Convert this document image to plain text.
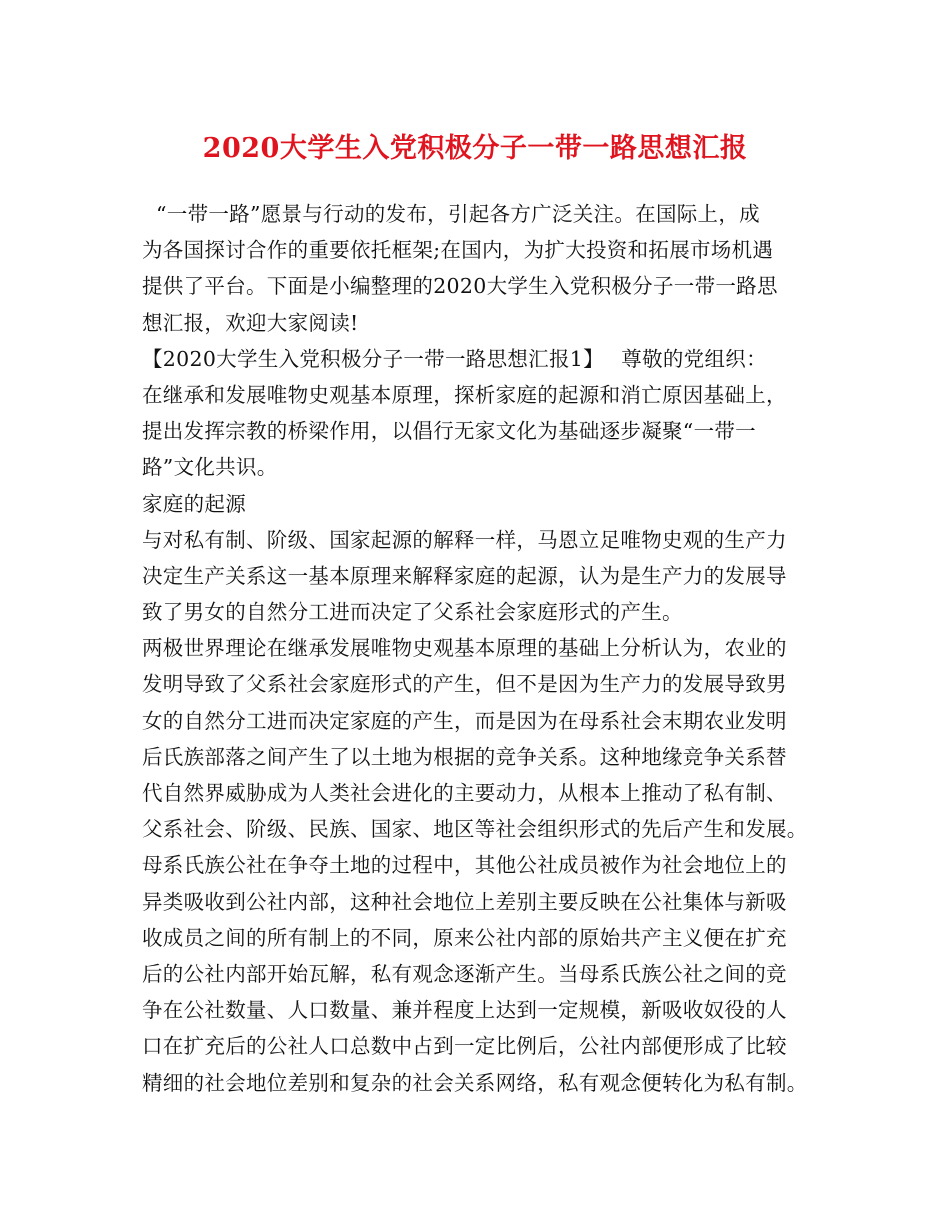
2020大学生入党积极分子一带一路思想汇报
“一带一路”愿景与行动的发布，引起各方广泛关注。在国际上，成
为各国探讨合作的重要依托框架;在国内，为扩大投资和拓展市场机遇
提供了平台。下面是小编整理的2020大学生入党积极分子一带一路思
想汇报，欢迎大家阅读!
【2020大学生入党积极分子一带一路思想汇报1】　 尊敬的党组织：
在继承和发展唯物史观基本原理，探析家庭的起源和消亡原因基础上，
提出发挥宗教的桥梁作用，以倡行无家文化为基础逐步凝聚“一带一
路”文化共识。
家庭的起源
与对私有制、阶级、国家起源的解释一样，马恩立足唯物史观的生产力
决定生产关系这一基本原理来解释家庭的起源，认为是生产力的发展导
致了男女的自然分工进而决定了父系社会家庭形式的产生。
两极世界理论在继承发展唯物史观基本原理的基础上分析认为，农业的
发明导致了父系社会家庭形式的产生，但不是因为生产力的发展导致男
女的自然分工进而决定家庭的产生，而是因为在母系社会末期农业发明
后氏族部落之间产生了以土地为根据的竞争关系。这种地缘竞争关系替
代自然界威胁成为人类社会进化的主要动力，从根本上推动了私有制、
父系社会、阶级、民族、国家、地区等社会组织形式的先后产生和发展。
母系氏族公社在争夺土地的过程中，其他公社成员被作为社会地位上的
异类吸收到公社内部，这种社会地位上差别主要反映在公社集体与新吸
收成员之间的所有制上的不同，原来公社内部的原始共产主义便在扩充
后的公社内部开始瓦解，私有观念逐渐产生。当母系氏族公社之间的竞
争在公社数量、人口数量、兼并程度上达到一定规模，新吸收奴役的人
口在扩充后的公社人口总数中占到一定比例后，公社内部便形成了比较
精细的社会地位差别和复杂的社会关系网络，私有观念便转化为私有制。
